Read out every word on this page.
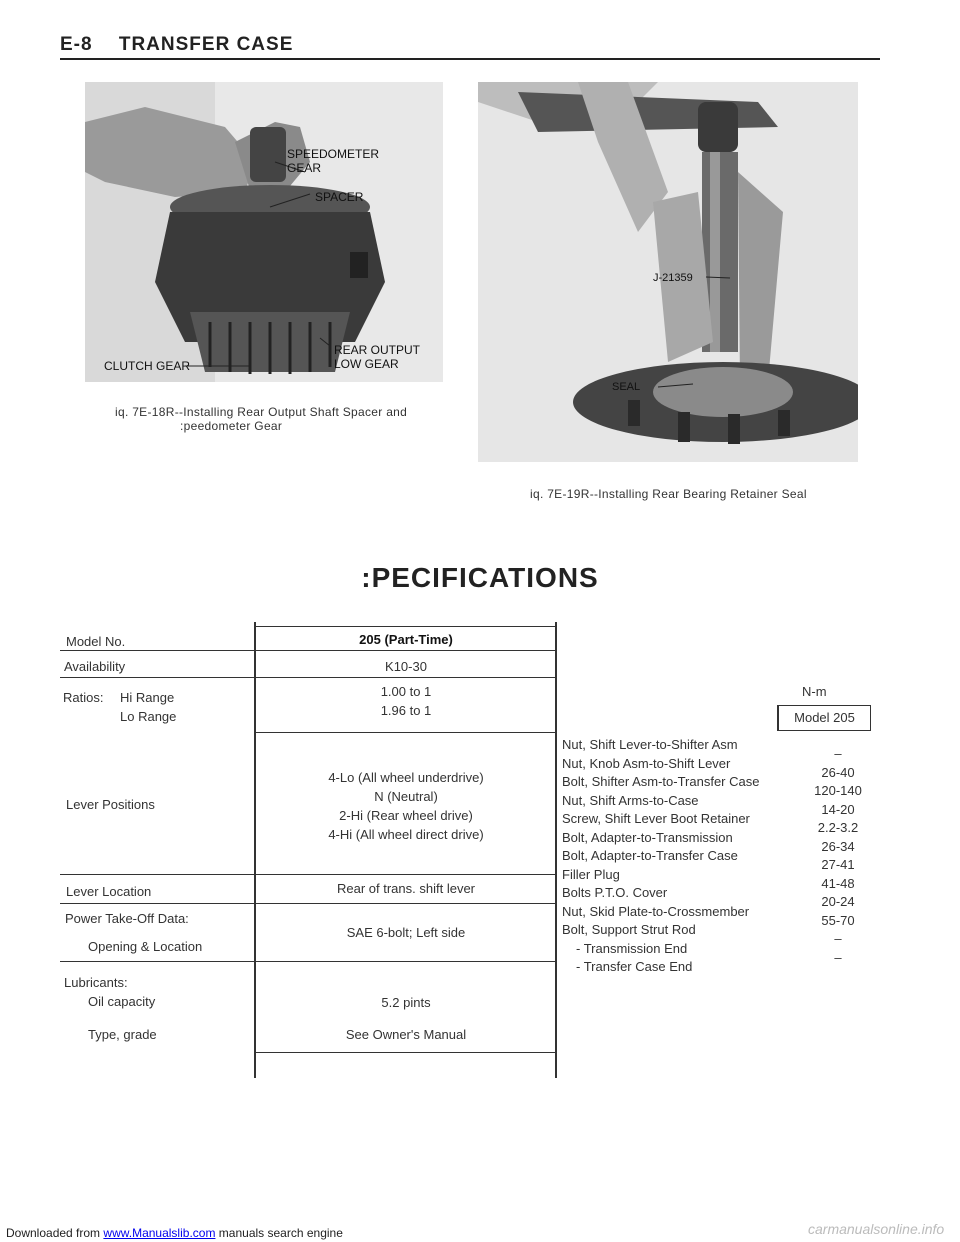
E-8 TRANSFER CASE
SPEEDOMETER
GEAR
SPACER
REAR OUTPUT
LOW GEAR
CLUTCH GEAR
iq. 7E-18R--Installing Rear Output Shaft Spacer and
:peedometer Gear
J-21359
SEAL
iq. 7E-19R--Installing Rear Bearing Retainer Seal
:PECIFICATIONS
Model No.
Availability
Ratios: Hi Range
Lo Range
Lever Positions
Lever Location
Power Take-Off Data:
Opening & Location
Lubricants:
Oil capacity
Type, grade
205 (Part-Time)
K10-30
1.00 to 1
1.96 to 1
4-Lo (All wheel underdrive)
N (Neutral)
2-Hi (Rear wheel drive)
4-Hi (All wheel direct drive)
Rear of trans. shift lever
SAE 6-bolt; Left side
5.2 pints
See Owner's Manual
N-m
Model 205
Nut, Shift Lever-to-Shifter Asm
Nut, Knob Asm-to-Shift Lever
Bolt, Shifter Asm-to-Transfer Case
Nut, Shift Arms-to-Case
Screw, Shift Lever Boot Retainer
Bolt, Adapter-to-Transmission
Bolt, Adapter-to-Transfer Case
Filler Plug
Bolts P.T.O. Cover
Nut, Skid Plate-to-Crossmember
Bolt, Support Strut Rod
- Transmission End
- Transfer Case End
–
26-40
120-140
14-20
2.2-3.2
26-34
27-41
41-48
20-24
55-70
–
–
Downloaded from www.Manualslib.com manuals search engine	carmanualsonline.info
